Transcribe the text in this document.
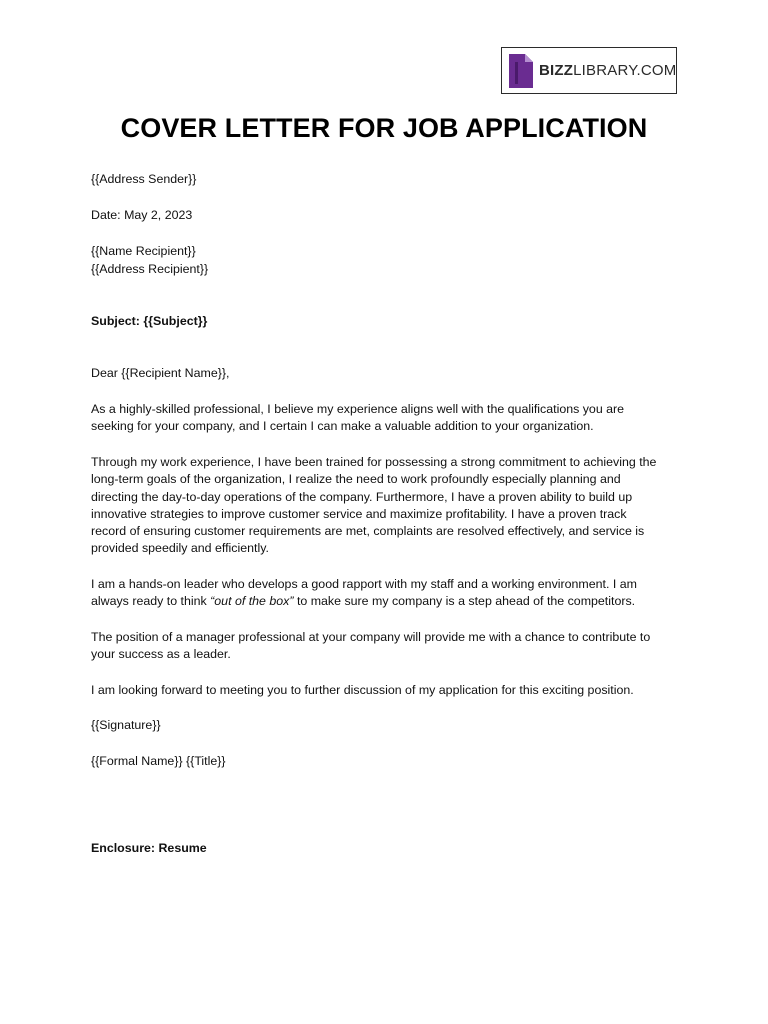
BIZZLIBRARY.COM
COVER LETTER FOR JOB APPLICATION
{{Address Sender}}
Date: May 2, 2023
{{Name Recipient}}
{{Address Recipient}}
Subject: {{Subject}}
Dear {{Recipient Name}},

As a highly-skilled professional, I believe my experience aligns well with the qualifications you are

seeking for your company, and I certain I can make a valuable addition to your organization.

Through my work experience, I have been trained for possessing a strong commitment to achieving the

long-term goals of the organization, I realize the need to work profoundly especially planning and

directing the day-to-day operations of the company. Furthermore, I have a proven ability to build up

innovative strategies to improve customer service and maximize profitability. I have a proven track

record of ensuring customer requirements are met, complaints are resolved effectively, and service is

provided speedily and efficiently.

I am a hands-on leader who develops a good rapport with my staff and a working environment. I am

always ready to think “out of the box” to make sure my company is a step ahead of the competitors.

The position of a manager professional at your company will provide me with a chance to contribute to

your success as a leader.

I am looking forward to meeting you to further discussion of my application for this exciting position.

{{Signature}}
{{Formal Name}} {{Title}}
Enclosure: Resume
